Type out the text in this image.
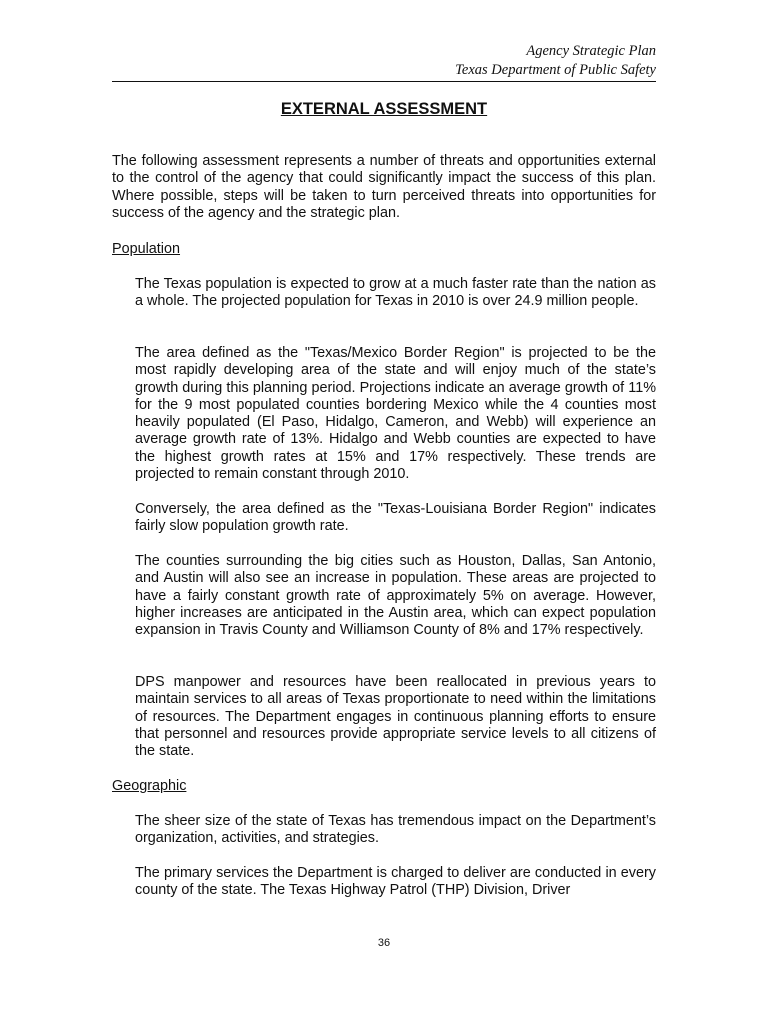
Agency Strategic Plan
Texas Department of Public Safety
EXTERNAL ASSESSMENT

The following assessment represents a number of threats and opportunities external to the control of the agency that could significantly impact the success of this plan. Where possible, steps will be taken to turn perceived threats into opportunities for success of the agency and the strategic plan.

Population

The Texas population is expected to grow at a much faster rate than the nation as a whole. The projected population for Texas in 2010 is over 24.9 million people.

The area defined as the "Texas/Mexico Border Region" is projected to be the most rapidly developing area of the state and will enjoy much of the state’s growth during this planning period. Projections indicate an average growth of 11% for the 9 most populated counties bordering Mexico while the 4 counties most heavily populated (El Paso, Hidalgo, Cameron, and Webb) will experience an average growth rate of 13%. Hidalgo and Webb counties are expected to have the highest growth rates at 15% and 17% respectively. These trends are projected to remain constant through 2010.

Conversely, the area defined as the "Texas-Louisiana Border Region" indicates fairly slow population growth rate.

The counties surrounding the big cities such as Houston, Dallas, San Antonio, and Austin will also see an increase in population. These areas are projected to have a fairly constant growth rate of approximately 5% on average. However, higher increases are anticipated in the Austin area, which can expect population expansion in Travis County and Williamson County of 8% and 17% respectively.

DPS manpower and resources have been reallocated in previous years to maintain services to all areas of Texas proportionate to need within the limitations of resources. The Department engages in continuous planning efforts to ensure that personnel and resources provide appropriate service levels to all citizens of the state.

Geographic

The sheer size of the state of Texas has tremendous impact on the Department’s organization, activities, and strategies.

The primary services the Department is charged to deliver are conducted in every county of the state. The Texas Highway Patrol (THP) Division, Driver

36
